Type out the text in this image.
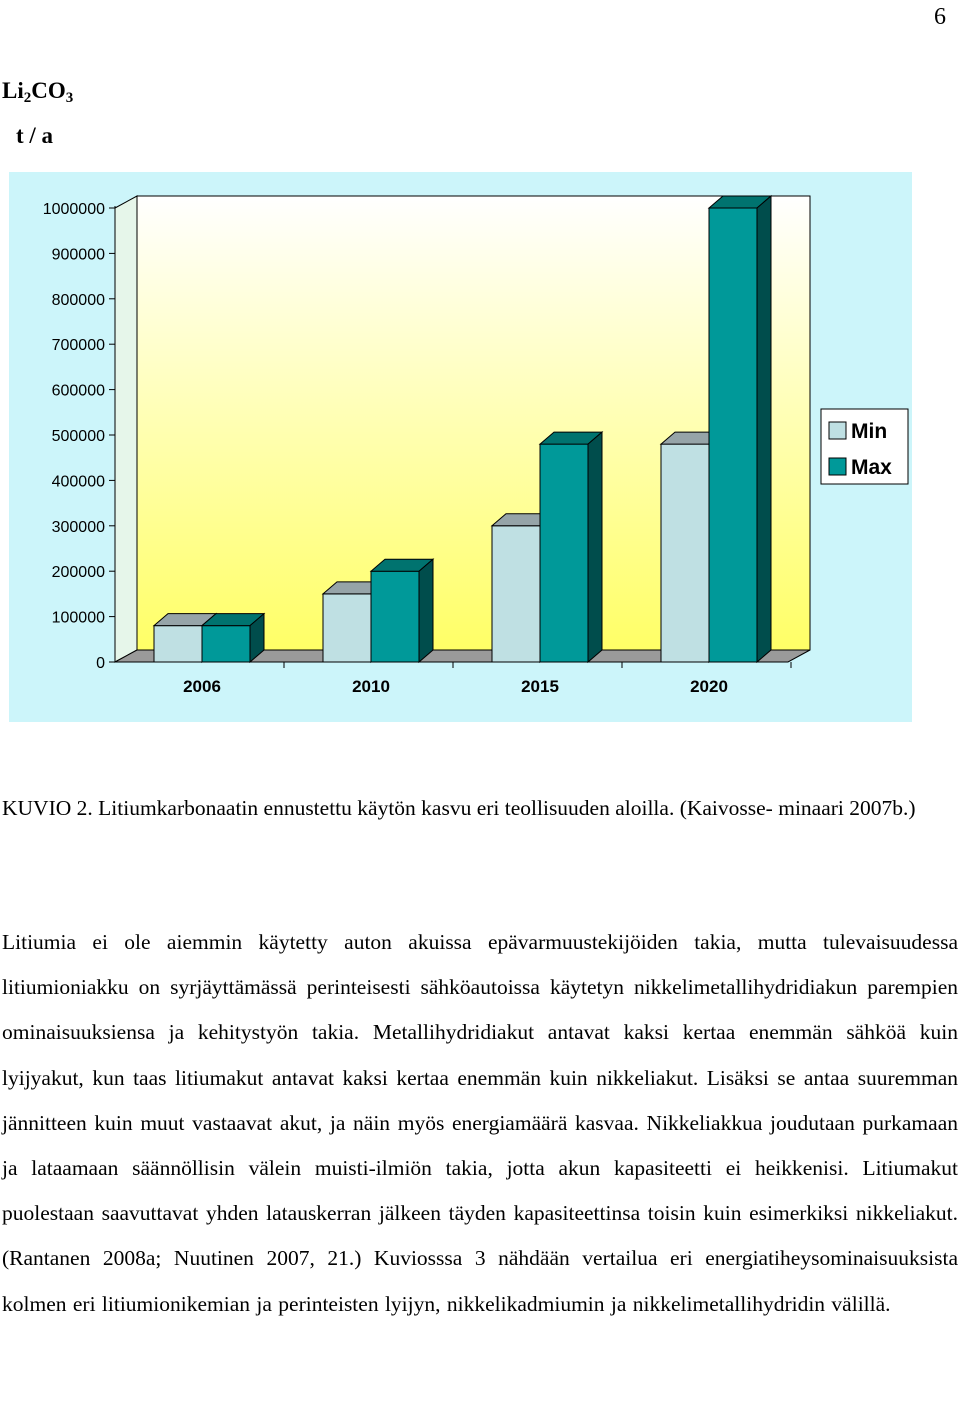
6
$Li_2CO_3$
t / a
0
100000
200000
300000
400000
500000
600000
700000
800000
900000
1000000
2006	2010	2015	2020
Min
Max
KUVIO 2. Litiumkarbonaatin ennustettu käytön kasvu eri teollisuuden aloilla. (Kaivosse- minaari 2007b.)
Litiumia ei ole aiemmin käytetty auton akuissa epävarmuustekijöiden takia, mutta tulevaisuudessa litiumioniakku on syrjäyttämässä perinteisesti sähköautoissa käytetyn nikkelimetallihydridiakun parempien ominaisuuksiensa ja kehitystyön takia. Metallihydridiakut antavat kaksi kertaa enemmän sähköä kuin lyijyakut, kun taas litiumakut antavat kaksi kertaa enemmän kuin nikkeliakut. Lisäksi se antaa suuremman jännitteen kuin muut vastaavat akut, ja näin myös energiamäärä kasvaa. Nikkeliakkua joudutaan purkamaan ja lataamaan säännöllisin välein muisti-ilmiön takia, jotta akun kapasiteetti ei heikkenisi. Litiumakut puolestaan saavuttavat yhden latauskerran jälkeen täyden kapasiteettinsa toisin kuin esimerkiksi nikkeliakut. (Rantanen 2008a; Nuutinen 2007, 21.) Kuviosssa 3 nähdään vertailua eri energiatiheysominaisuuksista kolmen eri litiumionikemian ja perinteisten lyijyn, nikkelikadmiumin ja nikkelimetallihydridin välillä.
